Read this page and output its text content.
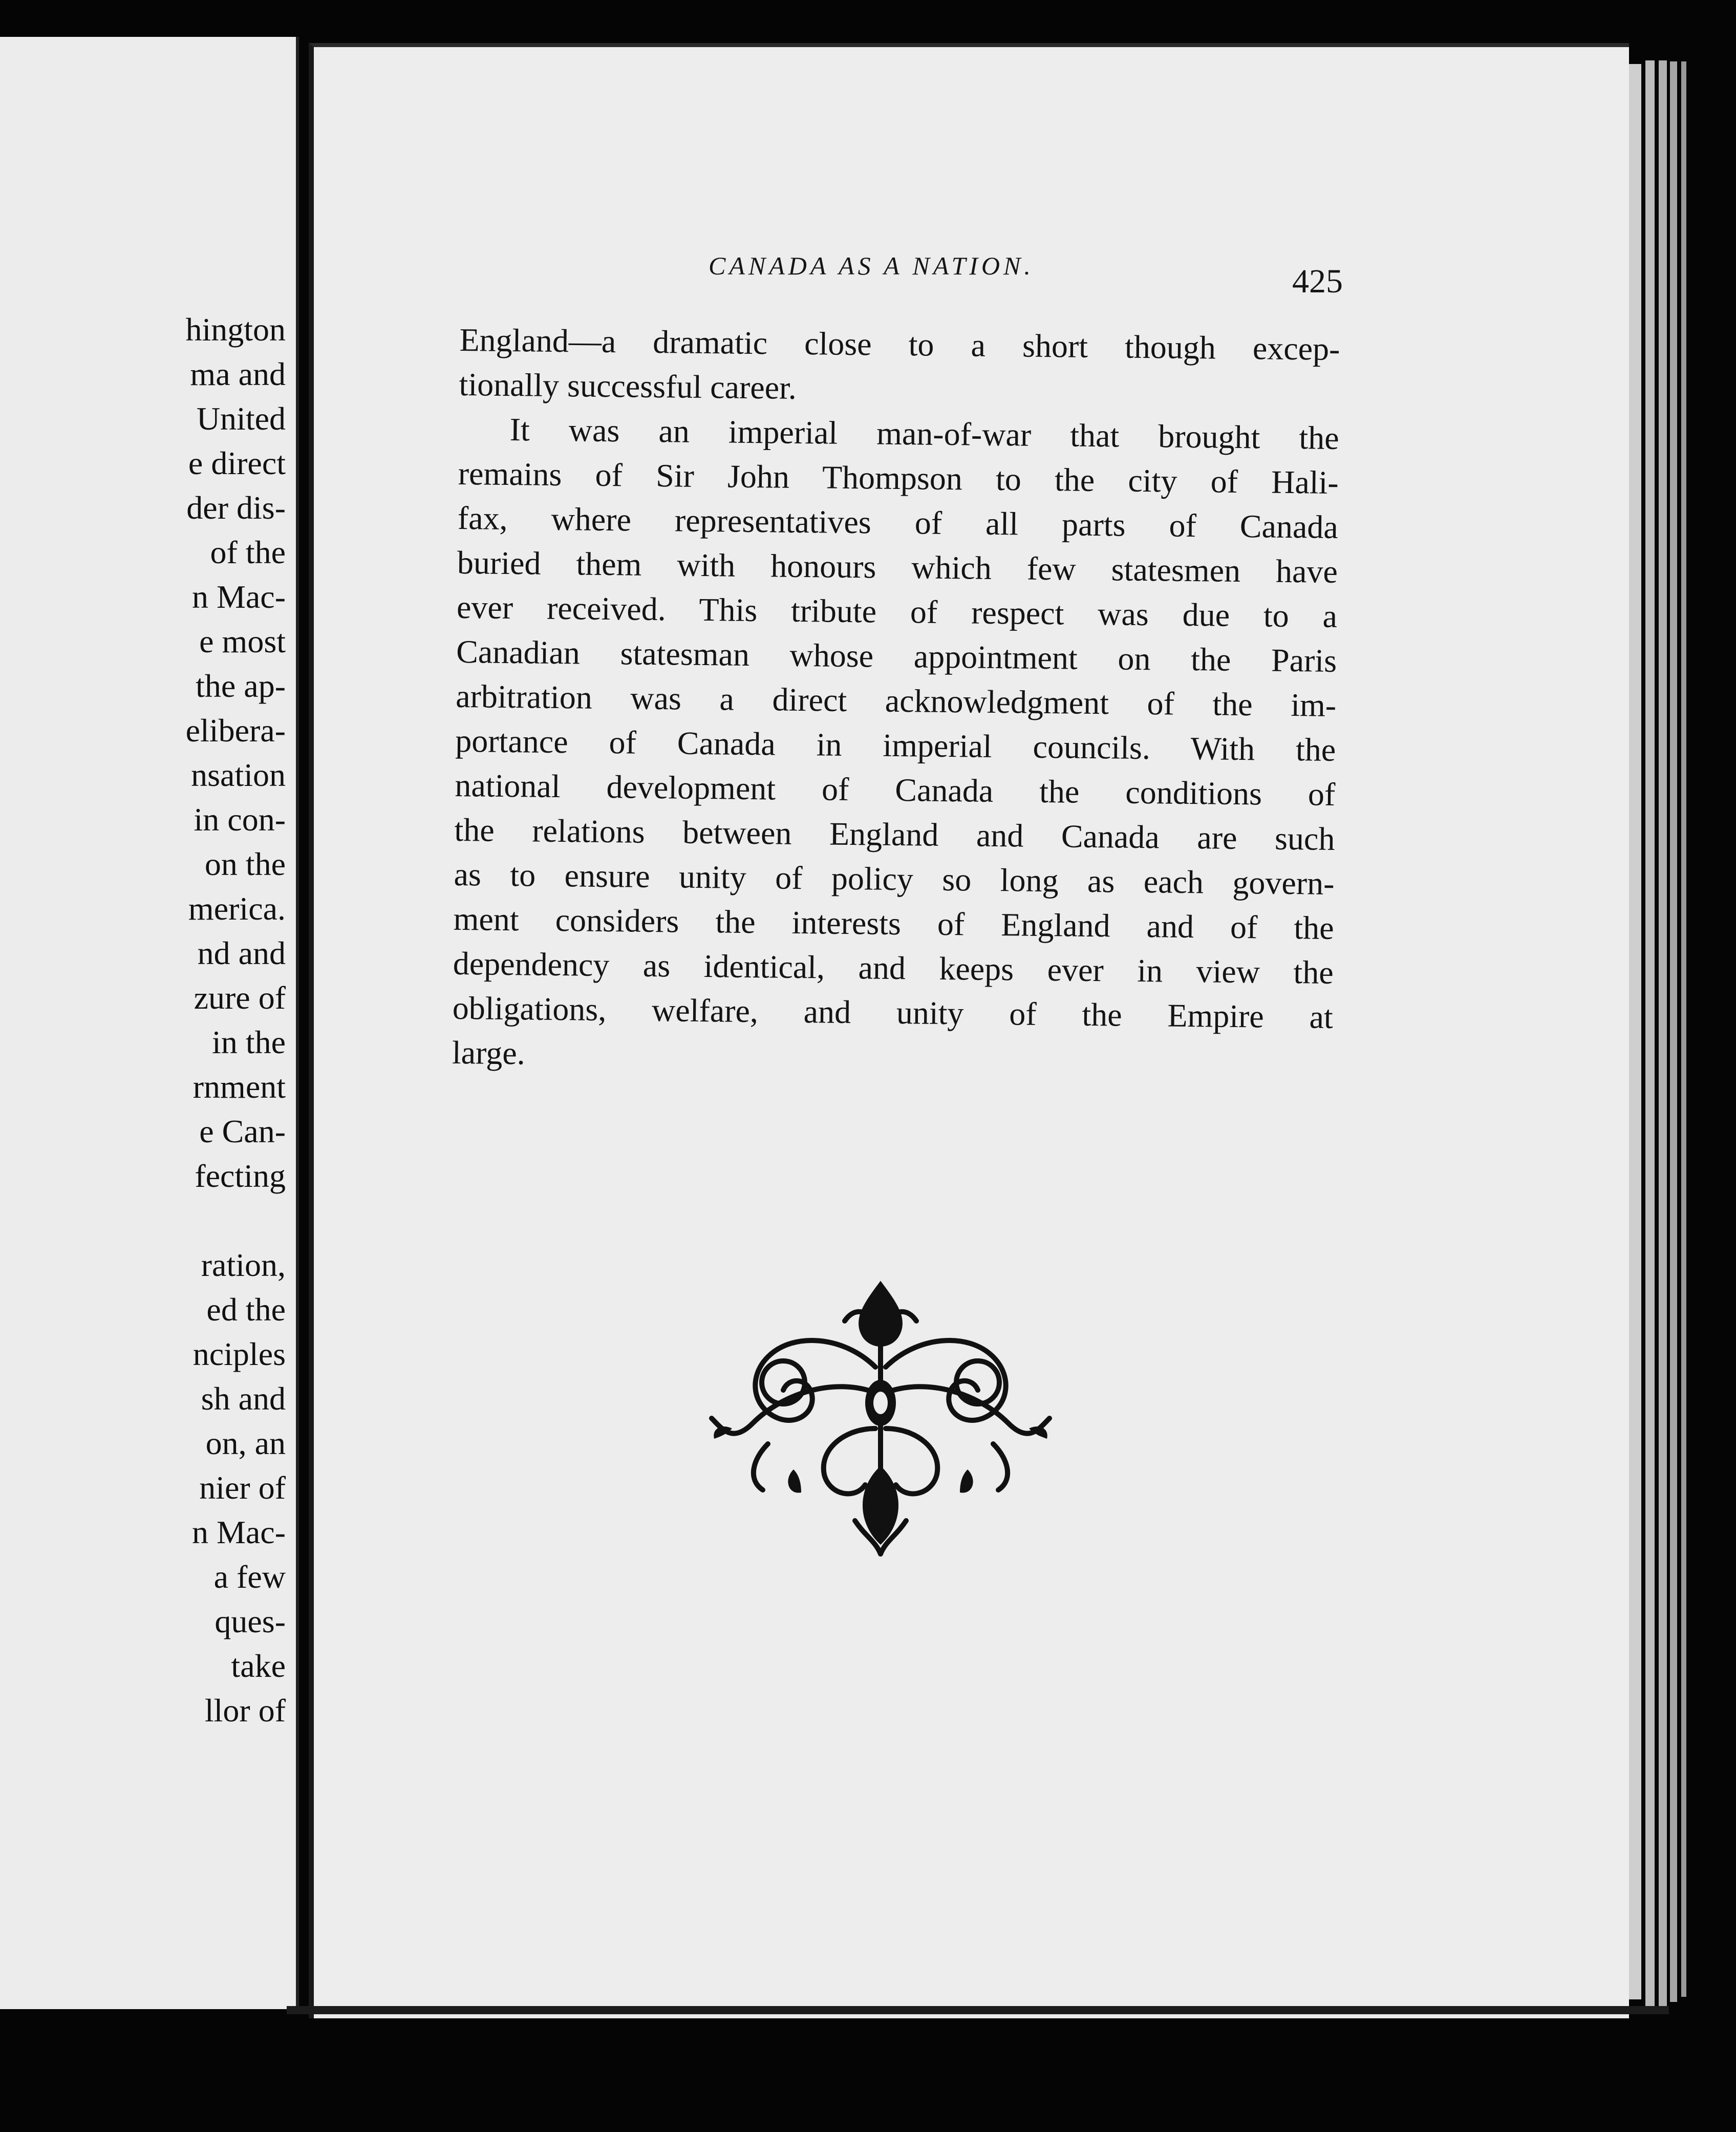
hington

ma and

United

e direct

der dis-

of the

n Mac-

e most

the ap-

elibera-

nsation

in con-

on the

merica.

nd and

zure of

in the

rnment

e Can-

fecting

ration,

ed the

nciples

sh and

on, an

nier of

n Mac-

a few

ques-

take

llor of

CANADA AS A NATION.	425

England—a dramatic close to a short though excep-
tionally successful career.
It was an imperial man-of-war that brought the
remains of Sir John Thompson to the city of Hali-
fax, where representatives of all parts of Canada
buried them with honours which few statesmen have
ever received. This tribute of respect was due to a
Canadian statesman whose appointment on the Paris
arbitration was a direct acknowledgment of the im-
portance of Canada in imperial councils. With the
national development of Canada the conditions of
the relations between England and Canada are such
as to ensure unity of policy so long as each govern-
ment considers the interests of England and of the
dependency as identical, and keeps ever in view the
obligations, welfare, and unity of the Empire at
large.
